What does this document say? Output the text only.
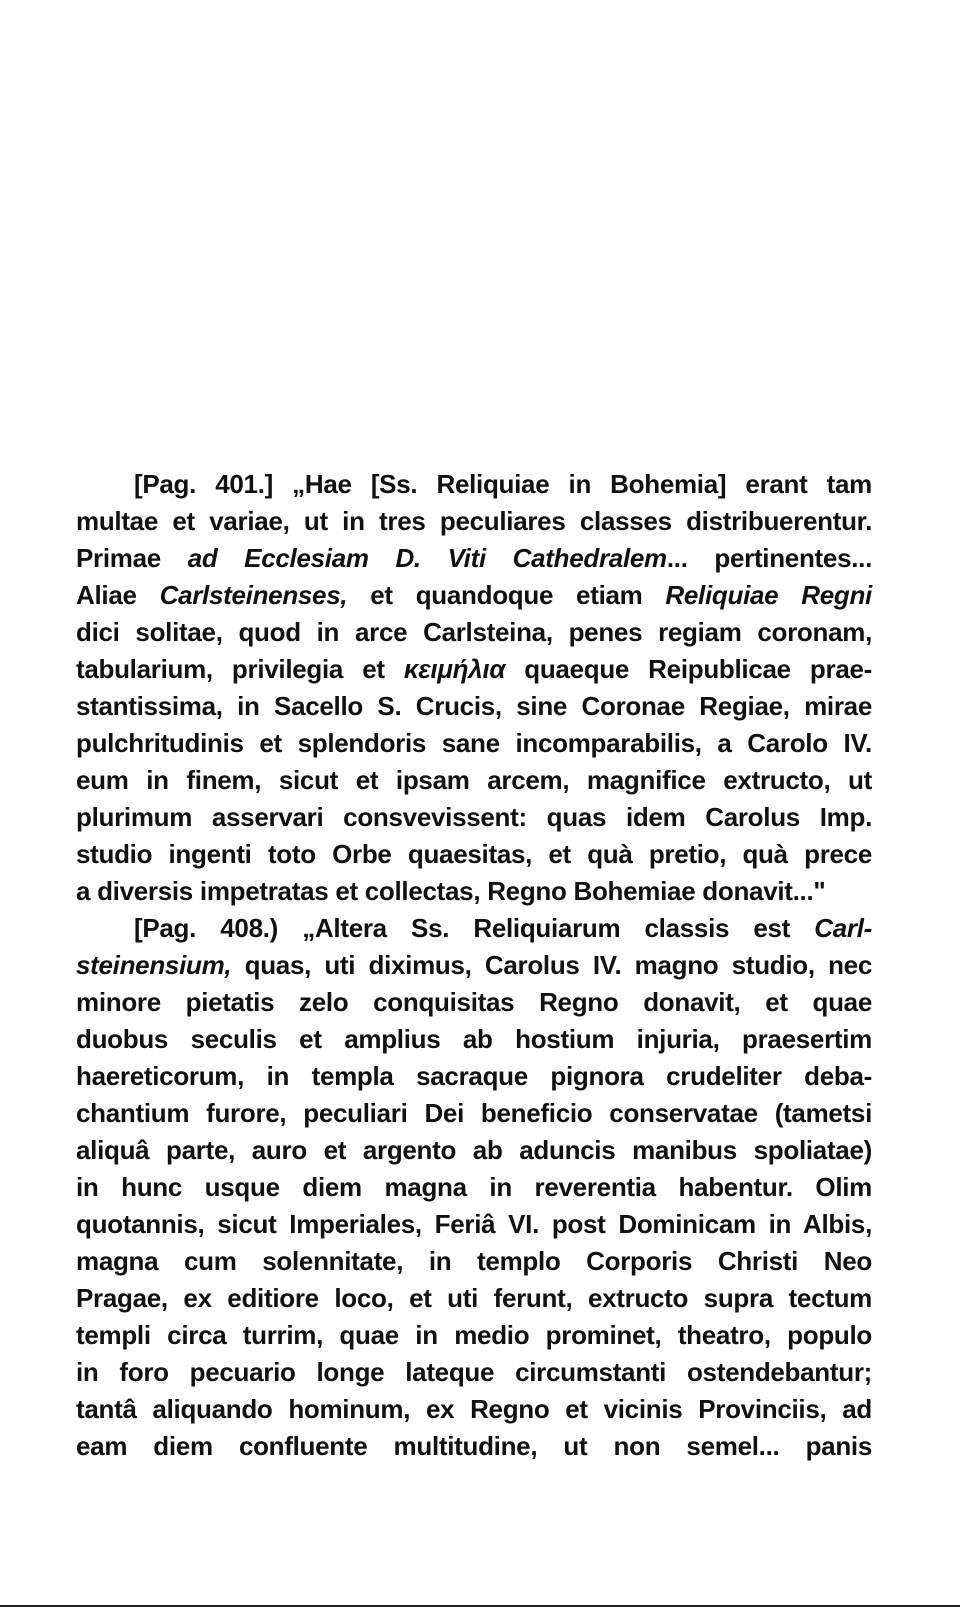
[Pag. 401.] „Hae [Ss. Reliquiae in Bohemia] erant tam
multae et variae, ut in tres peculiares classes distribuerentur.
Primae ad Ecclesiam D. Viti Cathedralem... pertinentes...
Aliae Carlsteinenses, et quandoque etiam Reliquiae Regni
dici solitae, quod in arce Carlsteina, penes regiam coronam,
tabularium, privilegia et κειμήλια quaeque Reipublicae prae-
stantissima, in Sacello S. Crucis, sine Coronae Regiae, mirae
pulchritudinis et splendoris sane incomparabilis, a Carolo IV.
eum in finem, sicut et ipsam arcem, magnifice extructo, ut
plurimum asservari consvevissent: quas idem Carolus Imp.
studio ingenti toto Orbe quaesitas, et quà pretio, quà prece
a diversis impetratas et collectas, Regno Bohemiae donavit..."
[Pag. 408.) „Altera Ss. Reliquiarum classis est Carl-
steinensium, quas, uti diximus, Carolus IV. magno studio, nec
minore pietatis zelo conquisitas Regno donavit, et quae
duobus seculis et amplius ab hostium injuria, praesertim
haereticorum, in templa sacraque pignora crudeliter deba-
chantium furore, peculiari Dei beneficio conservatae (tametsi
aliquâ parte, auro et argento ab aduncis manibus spoliatae)
in hunc usque diem magna in reverentia habentur. Olim
quotannis, sicut Imperiales, Feriâ VI. post Dominicam in Albis,
magna cum solennitate, in templo Corporis Christi Neo
Pragae, ex editiore loco, et uti ferunt, extructo supra tectum
templi circa turrim, quae in medio prominet, theatro, populo
in foro pecuario longe lateque circumstanti ostendebantur;
tantâ aliquando hominum, ex Regno et vicinis Provinciis, ad
eam diem confluente multitudine, ut non semel... panis
